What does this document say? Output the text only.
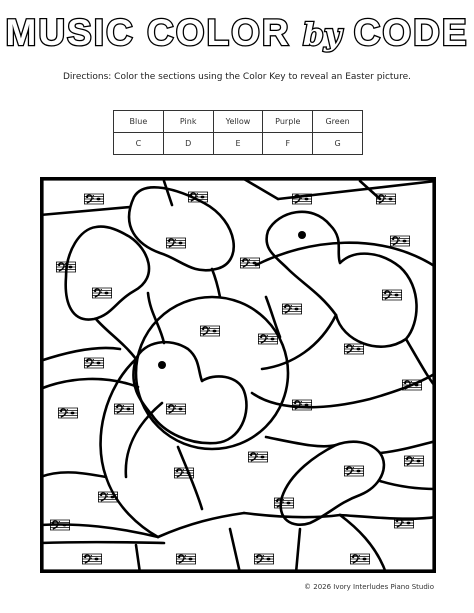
MUSIC COLOR by CODE
Directions: Color the sections using the Color Key to reveal an Easter picture.
Blue	Pink	Yellow	Purple	Green
C	D	E	F	G
© 2026 Ivory Interludes Piano Studio
